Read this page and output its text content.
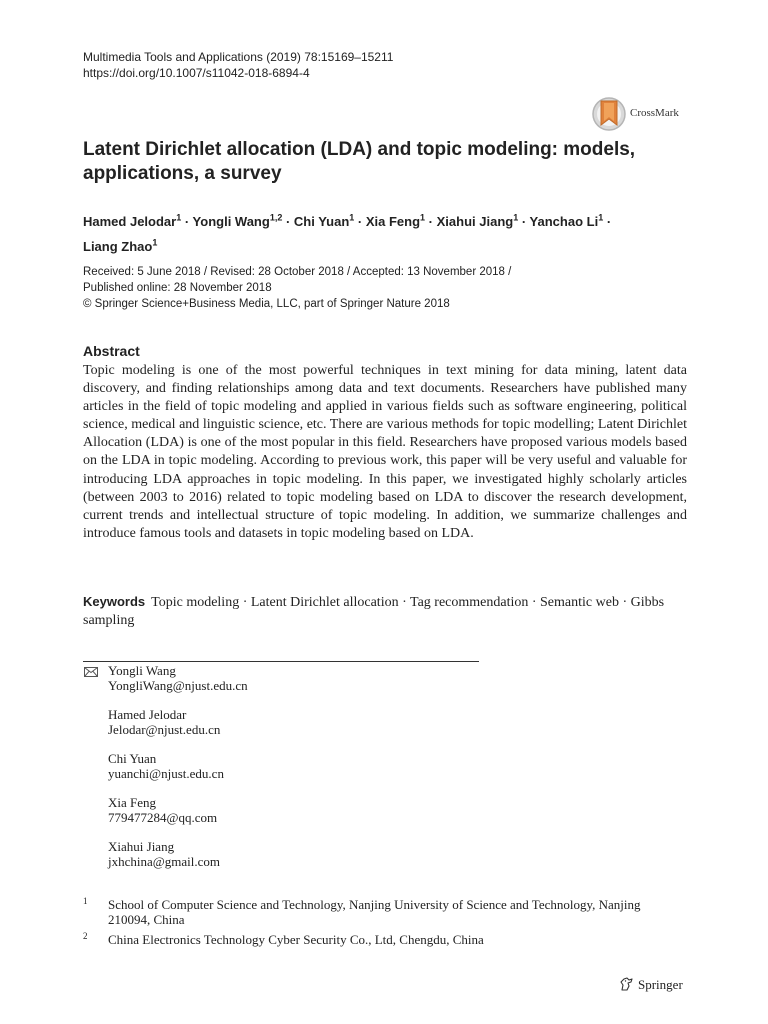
Multimedia Tools and Applications (2019) 78:15169–15211
https://doi.org/10.1007/s11042-018-6894-4
CrossMark
Latent Dirichlet allocation (LDA) and topic modeling: models, applications, a survey
Hamed Jelodar$^1$ · Yongli Wang$^{1,2}$ · Chi Yuan$^1$ · Xia Feng$^1$ · Xiahui Jiang$^1$ · Yanchao $Li^1$ ·
Liang Zhao$^1$
Received: 5 June 2018 / Revised: 28 October 2018 / Accepted: 13 November 2018 /
Published online: 28 November 2018
© Springer Science+Business Media, LLC, part of Springer Nature 2018
Abstract
Topic modeling is one of the most powerful techniques in text mining for data mining, latent data discovery, and finding relationships among data and text documents. Researchers have published many articles in the field of topic modeling and applied in various fields such as software engineering, political science, medical and linguistic science, etc. There are various methods for topic modelling; Latent Dirichlet Allocation (LDA) is one of the most popular in this field. Researchers have proposed various models based on the LDA in topic modeling. According to previous work, this paper will be very useful and valuable for introducing LDA approaches in topic modeling. In this paper, we investigated highly scholarly articles (between 2003 to 2016) related to topic modeling based on LDA to discover the research development, current trends and intellectual structure of topic modeling. In addition, we summarize challenges and introduce famous tools and datasets in topic modeling based on LDA.
Keywords Topic modeling · Latent Dirichlet allocation · Tag recommendation · Semantic web · Gibbs sampling
Yongli Wang
YongliWang@njust.edu.cn
Hamed Jelodar
Jelodar@njust.edu.cn
Chi Yuan
yuanchi@njust.edu.cn
Xia Feng
779477284@qq.com
Xiahui Jiang
jxhchina@gmail.com
1 School of Computer Science and Technology, Nanjing University of Science and Technology, Nanjing 210094, China
2 China Electronics Technology Cyber Security Co., Ltd, Chengdu, China
Springer
